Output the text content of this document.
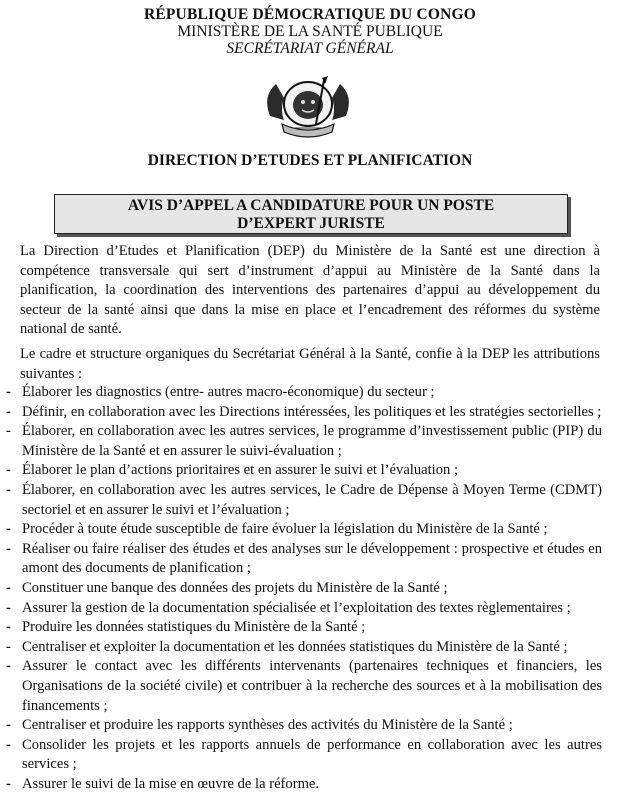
RÉPUBLIQUE DÉMOCRATIQUE DU CONGO
MINISTÈRE DE LA SANTÉ PUBLIQUE
SECRÉTARIAT GÉNÉRAL
DIRECTION D’ETUDES ET PLANIFICATION
AVIS D’APPEL A CANDIDATURE POUR UN POSTE
D’EXPERT JURISTE

La Direction d’Etudes et Planification (DEP) du Ministère de la Santé est une direction à compétence transversale qui sert d’instrument d’appui au Ministère de la Santé dans la planification, la coordination des interventions des partenaires d’appui au développement du secteur de la santé ainsi que dans la mise en place et l’encadrement des réformes du système national de santé.

Le cadre et structure organiques du Secrétariat Général à la Santé, confie à la DEP les attributions suivantes :

- Élaborer les diagnostics (entre- autres macro-économique) du secteur ;
- Définir, en collaboration avec les Directions intéressées, les politiques et les stratégies sectorielles ;
- Élaborer, en collaboration avec les autres services, le programme d’investissement public (PIP) du Ministère de la Santé et en assurer le suivi-évaluation ;
- Élaborer le plan d’actions prioritaires et en assurer le suivi et l’évaluation ;
- Élaborer, en collaboration avec les autres services, le Cadre de Dépense à Moyen Terme (CDMT) sectoriel et en assurer le suivi et l’évaluation ;
- Procéder à toute étude susceptible de faire évoluer la législation du Ministère de la Santé ;
- Réaliser ou faire réaliser des études et des analyses sur le développement : prospective et études en amont des documents de planification ;
- Constituer une banque des données des projets du Ministère de la Santé ;
- Assurer la gestion de la documentation spécialisée et l’exploitation des textes règlementaires ;
- Produire les données statistiques du Ministère de la Santé ;
- Centraliser et exploiter la documentation et les données statistiques du Ministère de la Santé ;
- Assurer le contact avec les différents intervenants (partenaires techniques et financiers, les Organisations de la société civile) et contribuer à la recherche des sources et à la mobilisation des financements ;
- Centraliser et produire les rapports synthèses des activités du Ministère de la Santé ;
- Consolider les projets et les rapports annuels de performance en collaboration avec les autres services ;
- Assurer le suivi de la mise en œuvre de la réforme.
